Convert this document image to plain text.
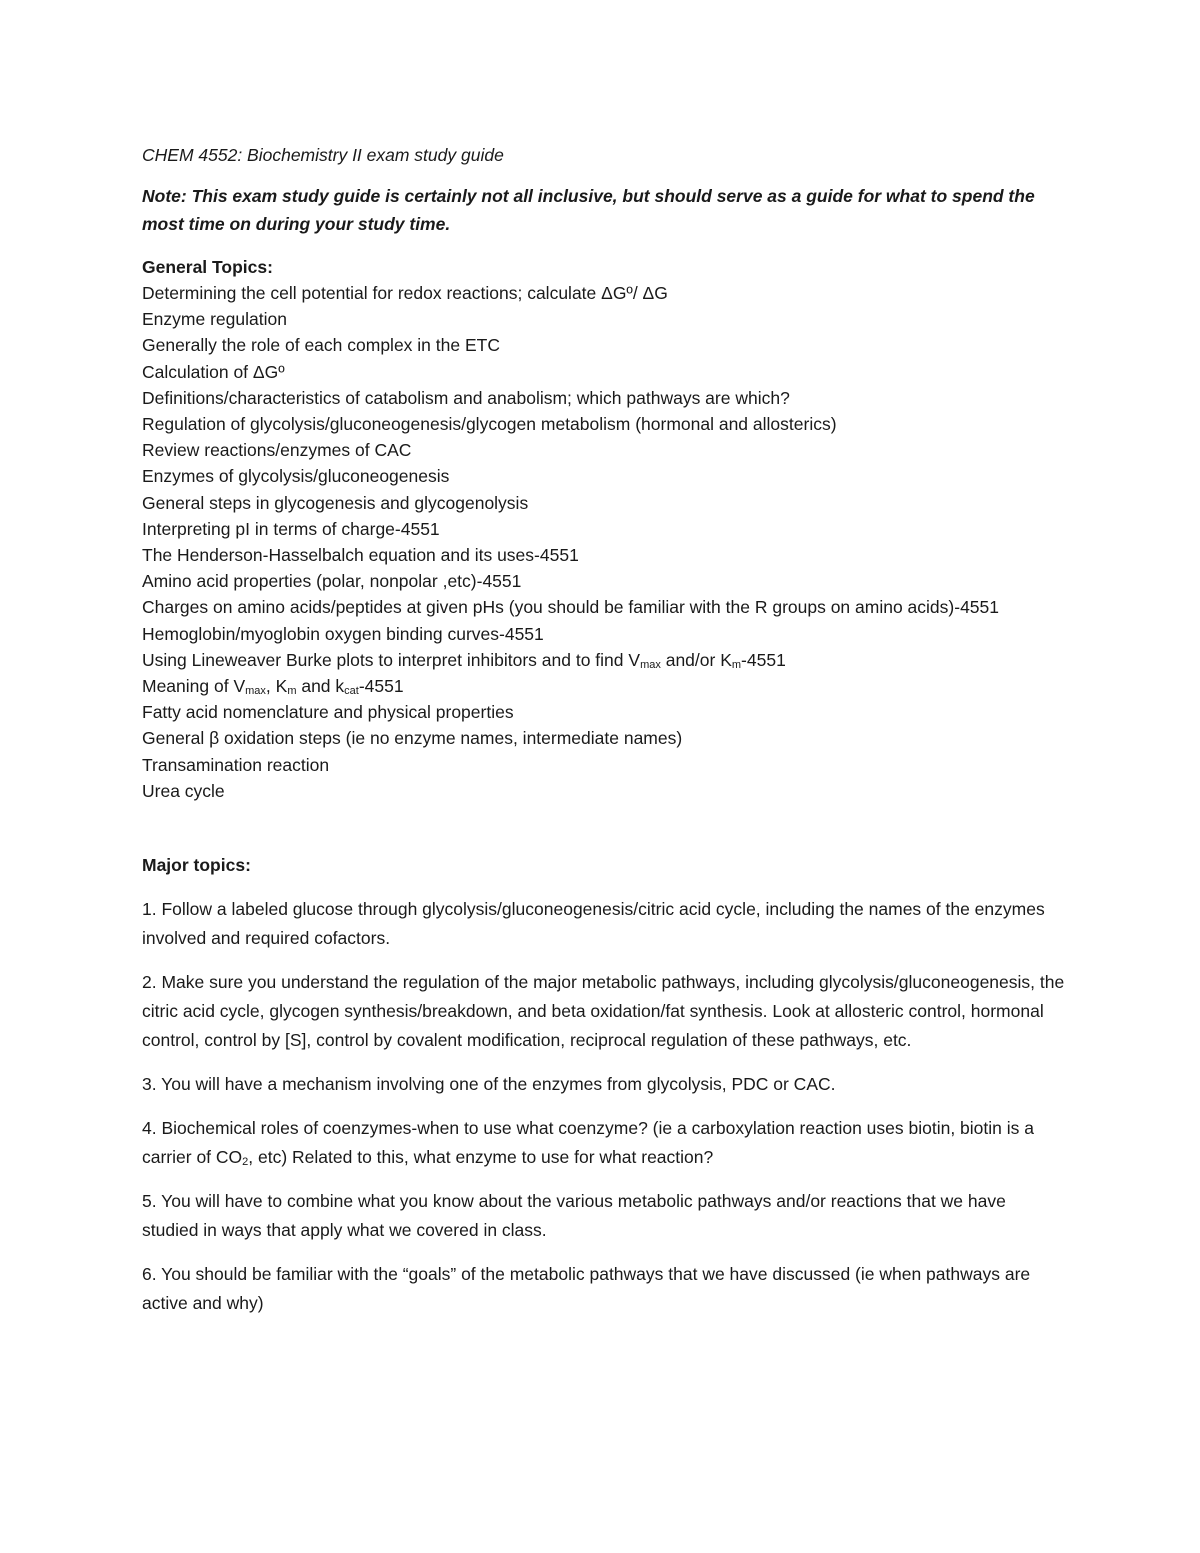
CHEM 4552: Biochemistry II exam study guide

Note: This exam study guide is certainly not all inclusive, but should serve as a guide for what to spend the most time on during your study time.

General Topics:

Determining the cell potential for redox reactions; calculate ΔGº/ ΔG
Enzyme regulation
Generally the role of each complex in the ETC
Calculation of ΔGº
Definitions/characteristics of catabolism and anabolism; which pathways are which?
Regulation of glycolysis/gluconeogenesis/glycogen metabolism (hormonal and allosterics)
Review reactions/enzymes of CAC
Enzymes of glycolysis/gluconeogenesis
General steps in glycogenesis and glycogenolysis
Interpreting pI in terms of charge-4551
The Henderson-Hasselbalch equation and its uses-4551
Amino acid properties (polar, nonpolar ,etc)-4551
Charges on amino acids/peptides at given pHs (you should be familiar with the R groups on amino acids)-4551
Hemoglobin/myoglobin oxygen binding curves-4551
Using Lineweaver Burke plots to interpret inhibitors and to find $V_{max}$ and/or $K_m-4551$
Meaning of $V_{max}$, $K_m$ and $k_{cat}-4551$
Fatty acid nomenclature and physical properties
General β oxidation steps (ie no enzyme names, intermediate names)
Transamination reaction
Urea cycle

Major topics:

1. Follow a labeled glucose through glycolysis/gluconeogenesis/citric acid cycle, including the names of the enzymes involved and required cofactors.
2. Make sure you understand the regulation of the major metabolic pathways, including glycolysis/gluconeogenesis, the citric acid cycle, glycogen synthesis/breakdown, and beta oxidation/fat synthesis. Look at allosteric control, hormonal control, control by [S], control by covalent modification, reciprocal regulation of these pathways, etc.
3. You will have a mechanism involving one of the enzymes from glycolysis, PDC or CAC.
4. Biochemical roles of coenzymes-when to use what coenzyme? (ie a carboxylation reaction uses biotin, biotin is a carrier of $CO_2$, etc) Related to this, what enzyme to use for what reaction?
5. You will have to combine what you know about the various metabolic pathways and/or reactions that we have studied in ways that apply what we covered in class.
6. You should be familiar with the “goals” of the metabolic pathways that we have discussed (ie when pathways are active and why)
